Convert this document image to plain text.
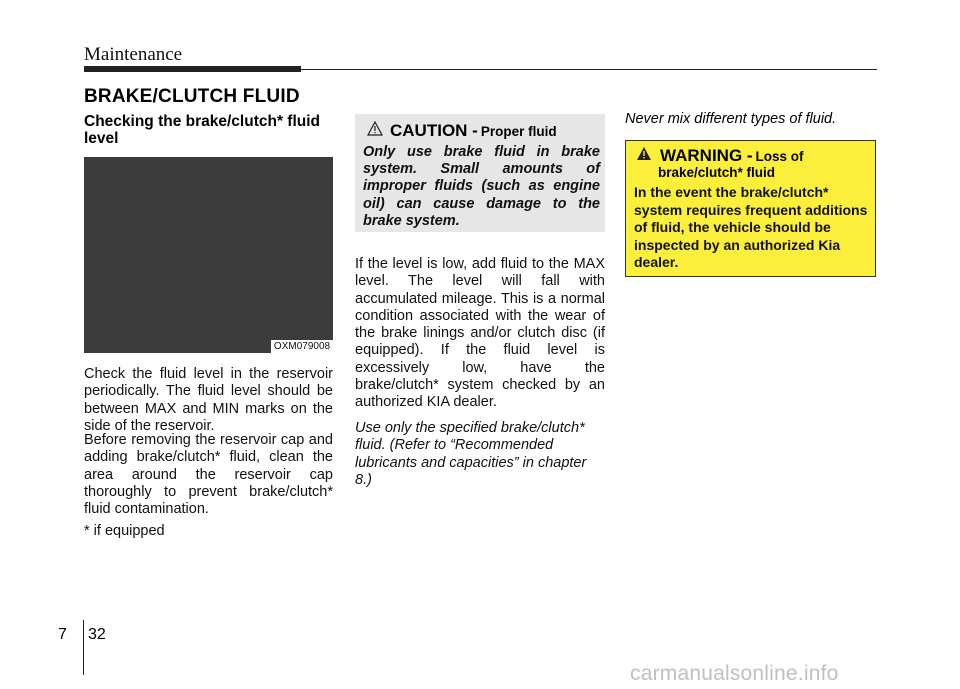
Maintenance
BRAKE/CLUTCH FLUID
Checking the brake/clutch* fluid level
OXM079008

Check the fluid level in the reservoir periodically. The fluid level should be between MAX and MIN marks on the side of the reservoir.

Before removing the reservoir cap and adding brake/clutch* fluid, clean the area around the reservoir cap thoroughly to prevent brake/clutch* fluid contamination.

* if equipped

CAUTION - Proper fluid
Only use brake fluid in brake system. Small amounts of improper fluids (such as engine oil) can cause damage to the brake system.

If the level is low, add fluid to the MAX level. The level will fall with accumulated mileage. This is a normal condition associated with the wear of the brake linings and/or clutch disc (if equipped). If the fluid level is excessively low, have the brake/clutch* system checked by an authorized KIA dealer.

Use only the specified brake/clutch* fluid. (Refer to “Recommended lubricants and capacities” in chapter 8.)

Never mix different types of fluid.
WARNING - Loss of
brake/clutch* fluid
In the event the brake/clutch* system requires frequent additions of fluid, the vehicle should be inspected by an authorized Kia dealer.
7 32
carmanualsonline.info
